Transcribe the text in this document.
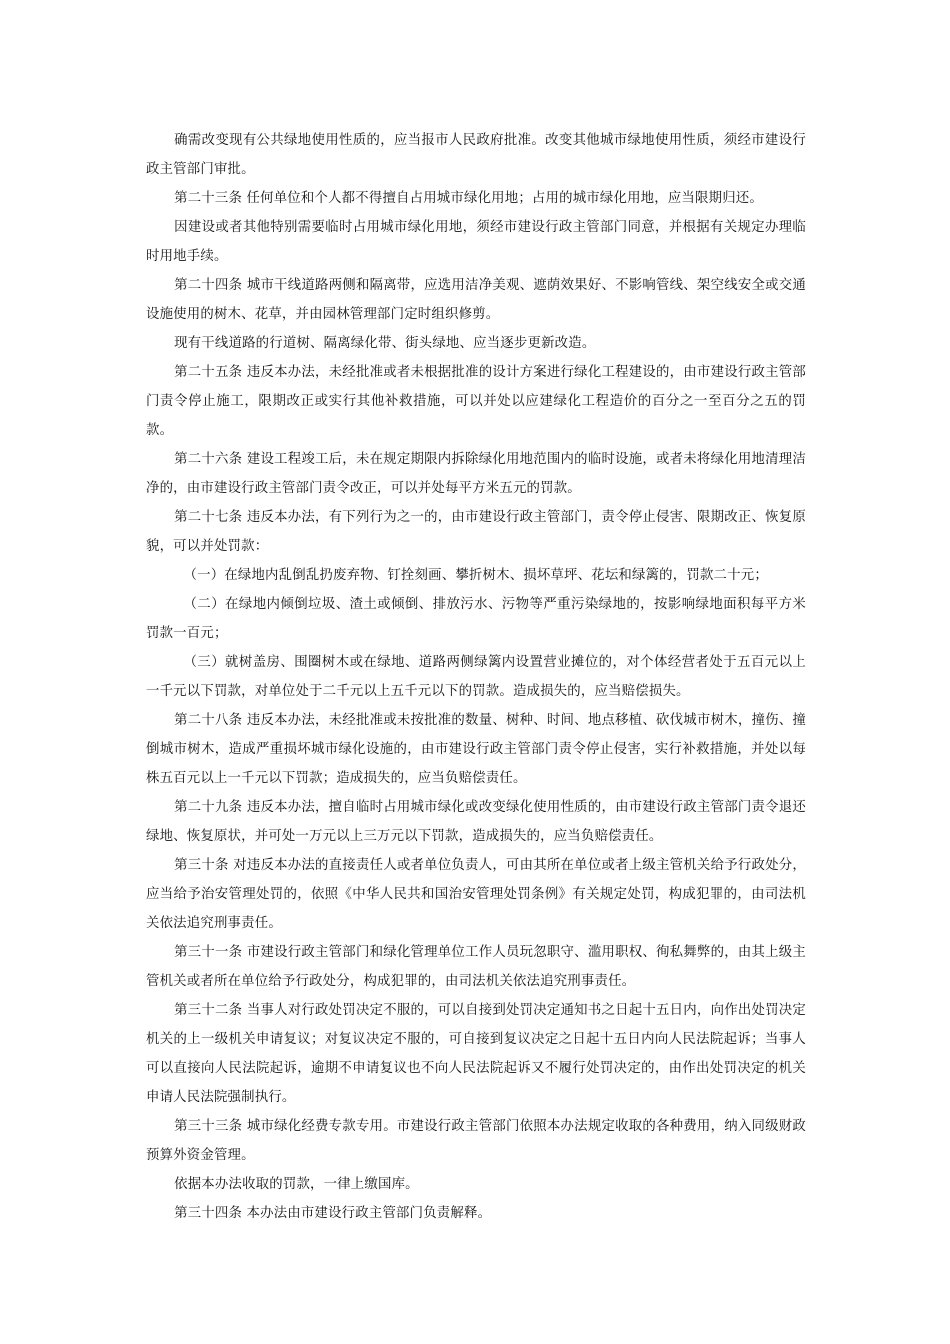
确需改变现有公共绿地使用性质的，应当报市人民政府批准。改变其他城市绿地使用性质，须经市建设行政主管部门审批。

第二十三条 任何单位和个人都不得擅自占用城市绿化用地；占用的城市绿化用地，应当限期归还。

因建设或者其他特别需要临时占用城市绿化用地，须经市建设行政主管部门同意，并根据有关规定办理临时用地手续。

第二十四条 城市干线道路两侧和隔离带，应选用洁净美观、遮荫效果好、不影响管线、架空线安全或交通设施使用的树木、花草，并由园林管理部门定时组织修剪。

现有干线道路的行道树、隔离绿化带、街头绿地、应当逐步更新改造。

第二十五条 违反本办法，未经批准或者未根据批准的设计方案进行绿化工程建设的，由市建设行政主管部门责令停止施工，限期改正或实行其他补救措施，可以并处以应建绿化工程造价的百分之一至百分之五的罚款。

第二十六条 建设工程竣工后，未在规定期限内拆除绿化用地范围内的临时设施，或者未将绿化用地清理洁净的，由市建设行政主管部门责令改正，可以并处每平方米五元的罚款。

第二十七条 违反本办法，有下列行为之一的，由市建设行政主管部门，责令停止侵害、限期改正、恢复原貌，可以并处罚款：

（一）在绿地内乱倒乱扔废弃物、钉拴刻画、攀折树木、损坏草坪、花坛和绿篱的，罚款二十元；

（二）在绿地内倾倒垃圾、渣土或倾倒、排放污水、污物等严重污染绿地的，按影响绿地面积每平方米罚款一百元；

（三）就树盖房、围圈树木或在绿地、道路两侧绿篱内设置营业摊位的，对个体经营者处于五百元以上一千元以下罚款，对单位处于二千元以上五千元以下的罚款。造成损失的，应当赔偿损失。

第二十八条 违反本办法，未经批准或未按批准的数量、树种、时间、地点移植、砍伐城市树木，撞伤、撞倒城市树木，造成严重损坏城市绿化设施的，由市建设行政主管部门责令停止侵害，实行补救措施，并处以每株五百元以上一千元以下罚款；造成损失的，应当负赔偿责任。

第二十九条 违反本办法，擅自临时占用城市绿化或改变绿化使用性质的，由市建设行政主管部门责令退还绿地、恢复原状，并可处一万元以上三万元以下罚款，造成损失的，应当负赔偿责任。

第三十条 对违反本办法的直接责任人或者单位负责人，可由其所在单位或者上级主管机关给予行政处分，应当给予治安管理处罚的，依照《中华人民共和国治安管理处罚条例》有关规定处罚，构成犯罪的，由司法机关依法追究刑事责任。

第三十一条 市建设行政主管部门和绿化管理单位工作人员玩忽职守、滥用职权、徇私舞弊的，由其上级主管机关或者所在单位给予行政处分，构成犯罪的，由司法机关依法追究刑事责任。

第三十二条 当事人对行政处罚决定不服的，可以自接到处罚决定通知书之日起十五日内，向作出处罚决定机关的上一级机关申请复议；对复议决定不服的，可自接到复议决定之日起十五日内向人民法院起诉；当事人可以直接向人民法院起诉，逾期不申请复议也不向人民法院起诉又不履行处罚决定的，由作出处罚决定的机关申请人民法院强制执行。

第三十三条 城市绿化经费专款专用。市建设行政主管部门依照本办法规定收取的各种费用，纳入同级财政预算外资金管理。

依据本办法收取的罚款，一律上缴国库。

第三十四条 本办法由市建设行政主管部门负责解释。
